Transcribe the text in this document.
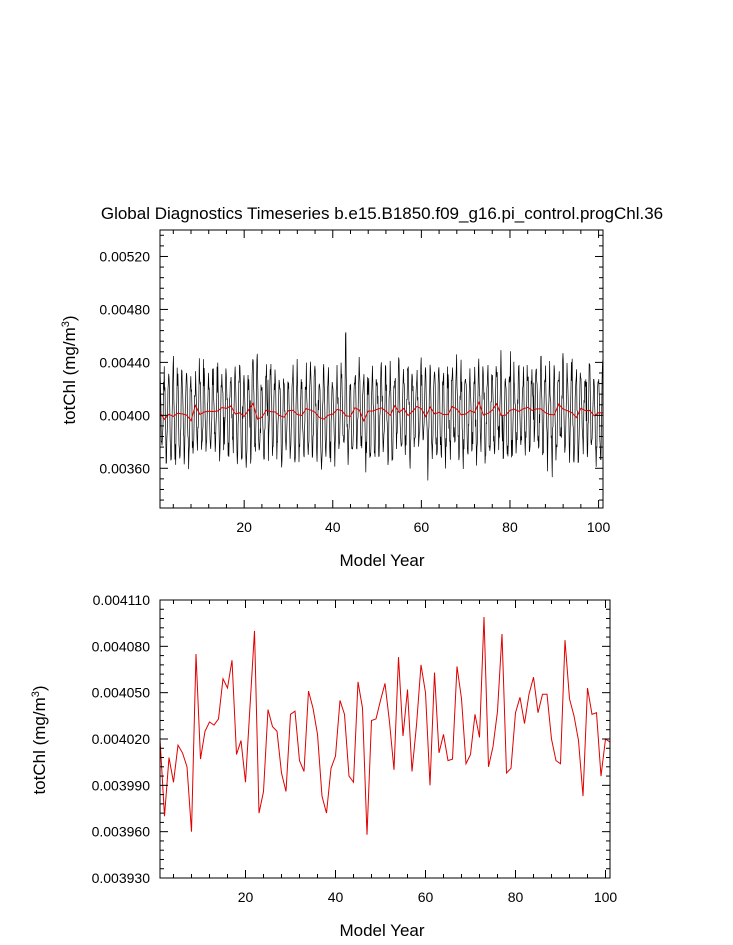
Global Diagnostics Timeseries b.e15.B1850.f09_g16.pi_control.progChl.36
20	40	60	80	100
0.00360
0.00400
0.00440
0.00480
0.00520
Model Year
totChl $(mg/m^3)$
20	40	60	80	100
0.003930
0.003960
0.003990
0.004020
0.004050
0.004080
0.004110
Model Year
totChl $(mg/m^3)$
